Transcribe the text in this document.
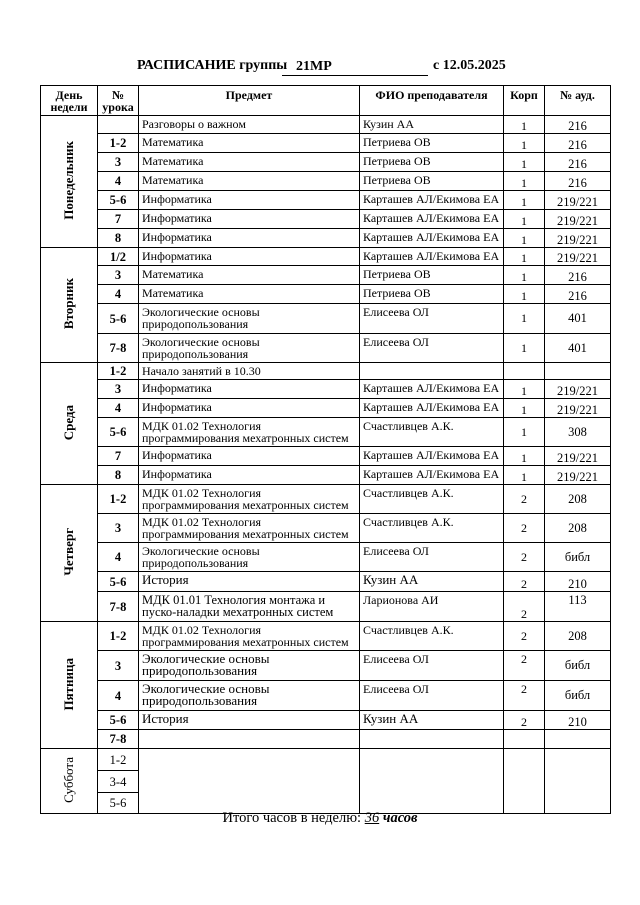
РАСПИСАНИЕ группы 21МР	с 12.05.2025
День недели	№ урока	Предмет	ФИО преподавателя	Корп	№ ауд.
Понедельник		Разговоры о важном	Кузин АА	1	216
	1-2	Математика	Петриева ОВ	1	216
	3	Математика	Петриева ОВ	1	216
	4	Математика	Петриева ОВ	1	216
	5-6	Информатика	Карташев АЛ/Екимова ЕА	1	219/221
	7	Информатика	Карташев АЛ/Екимова ЕА	1	219/221
	8	Информатика	Карташев АЛ/Екимова ЕА	1	219/221
Вторник	1/2	Информатика	Карташев АЛ/Екимова ЕА	1	219/221
	3	Математика	Петриева ОВ	1	216
	4	Математика	Петриева ОВ	1	216
	5-6	Экологические основы природопользования	Елисеева ОЛ	1	401
	7-8	Экологические основы природопользования	Елисеева ОЛ	1	401
Среда	1-2	Начало занятий в 10.30			
	3	Информатика	Карташев АЛ/Екимова ЕА	1	219/221
	4	Информатика	Карташев АЛ/Екимова ЕА	1	219/221
	5-6	МДК 01.02 Технология программирования мехатронных систем	Счастливцев А.К.	1	308
	7	Информатика	Карташев АЛ/Екимова ЕА	1	219/221
	8	Информатика	Карташев АЛ/Екимова ЕА	1	219/221
Четверг	1-2	МДК 01.02 Технология программирования мехатронных систем	Счастливцев А.К.	2	208
	3	МДК 01.02 Технология программирования мехатронных систем	Счастливцев А.К.	2	208
	4	Экологические основы природопользования	Елисеева ОЛ	2	библ
	5-6	История	Кузин АА	2	210
	7-8	МДК 01.01 Технология монтажа и пуско-наладки мехатронных систем	Ларионова АИ	2	113
Пятница	1-2	МДК 01.02 Технология программирования мехатронных систем	Счастливцев А.К.	2	208
	3	Экологические основы природопользования	Елисеева ОЛ	2	библ
	4	Экологические основы природопользования	Елисеева ОЛ	2	библ
	5-6	История	Кузин АА	2	210
	7-8				
Суббота	1-2				
	3-4				
	5-6				
Итого часов в неделю: 36 часов
